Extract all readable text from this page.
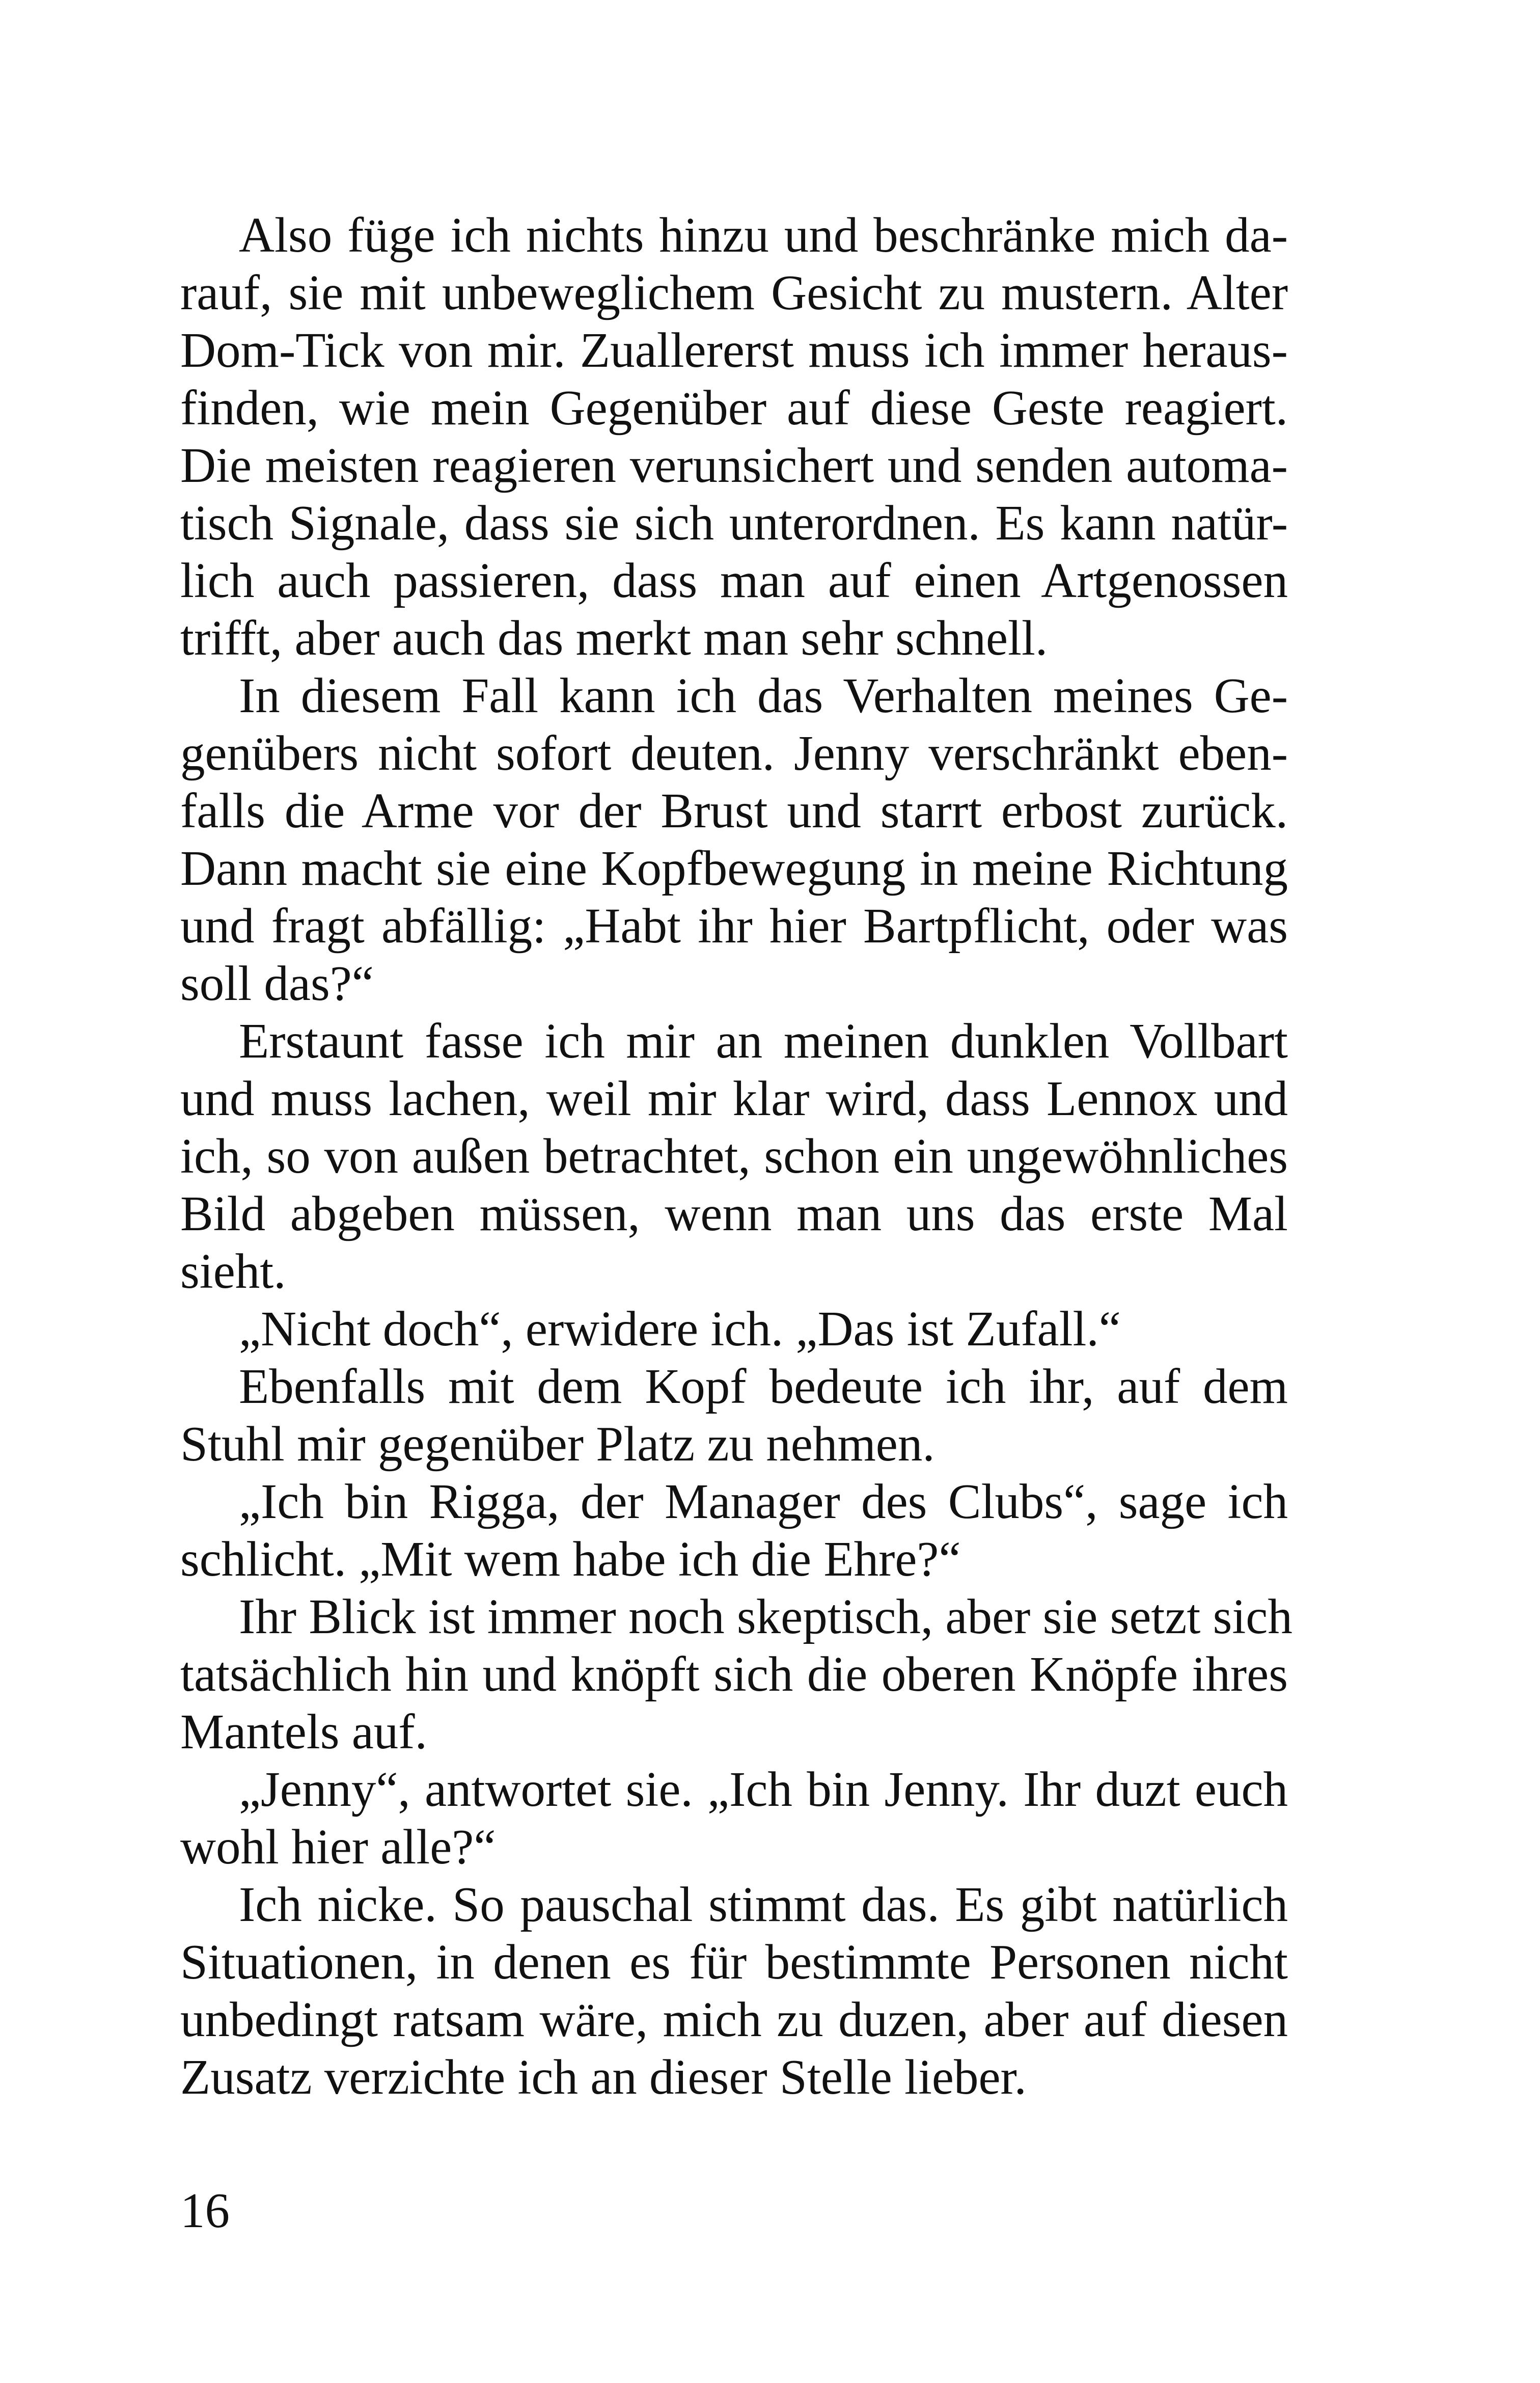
Also füge ich nichts hinzu und beschränke mich da-
rauf, sie mit unbeweglichem Gesicht zu mustern. Alter
Dom-Tick von mir. Zuallererst muss ich immer heraus-
finden, wie mein Gegenüber auf diese Geste reagiert.
Die meisten reagieren verunsichert und senden automa-
tisch Signale, dass sie sich unterordnen. Es kann natür-
lich auch passieren, dass man auf einen Artgenossen
trifft, aber auch das merkt man sehr schnell.
In diesem Fall kann ich das Verhalten meines Ge-
genübers nicht sofort deuten. Jenny verschränkt eben-
falls die Arme vor der Brust und starrt erbost zurück.
Dann macht sie eine Kopfbewegung in meine Richtung
und fragt abfällig: „Habt ihr hier Bartpflicht, oder was
soll das?“
Erstaunt fasse ich mir an meinen dunklen Vollbart
und muss lachen, weil mir klar wird, dass Lennox und
ich, so von außen betrachtet, schon ein ungewöhnliches
Bild abgeben müssen, wenn man uns das erste Mal
sieht.
„Nicht doch“, erwidere ich. „Das ist Zufall.“
Ebenfalls mit dem Kopf bedeute ich ihr, auf dem
Stuhl mir gegenüber Platz zu nehmen.
„Ich bin Rigga, der Manager des Clubs“, sage ich
schlicht. „Mit wem habe ich die Ehre?“
Ihr Blick ist immer noch skeptisch, aber sie setzt sich
tatsächlich hin und knöpft sich die oberen Knöpfe ihres
Mantels auf.
„Jenny“, antwortet sie. „Ich bin Jenny. Ihr duzt euch
wohl hier alle?“
Ich nicke. So pauschal stimmt das. Es gibt natürlich
Situationen, in denen es für bestimmte Personen nicht
unbedingt ratsam wäre, mich zu duzen, aber auf diesen
Zusatz verzichte ich an dieser Stelle lieber.
16
